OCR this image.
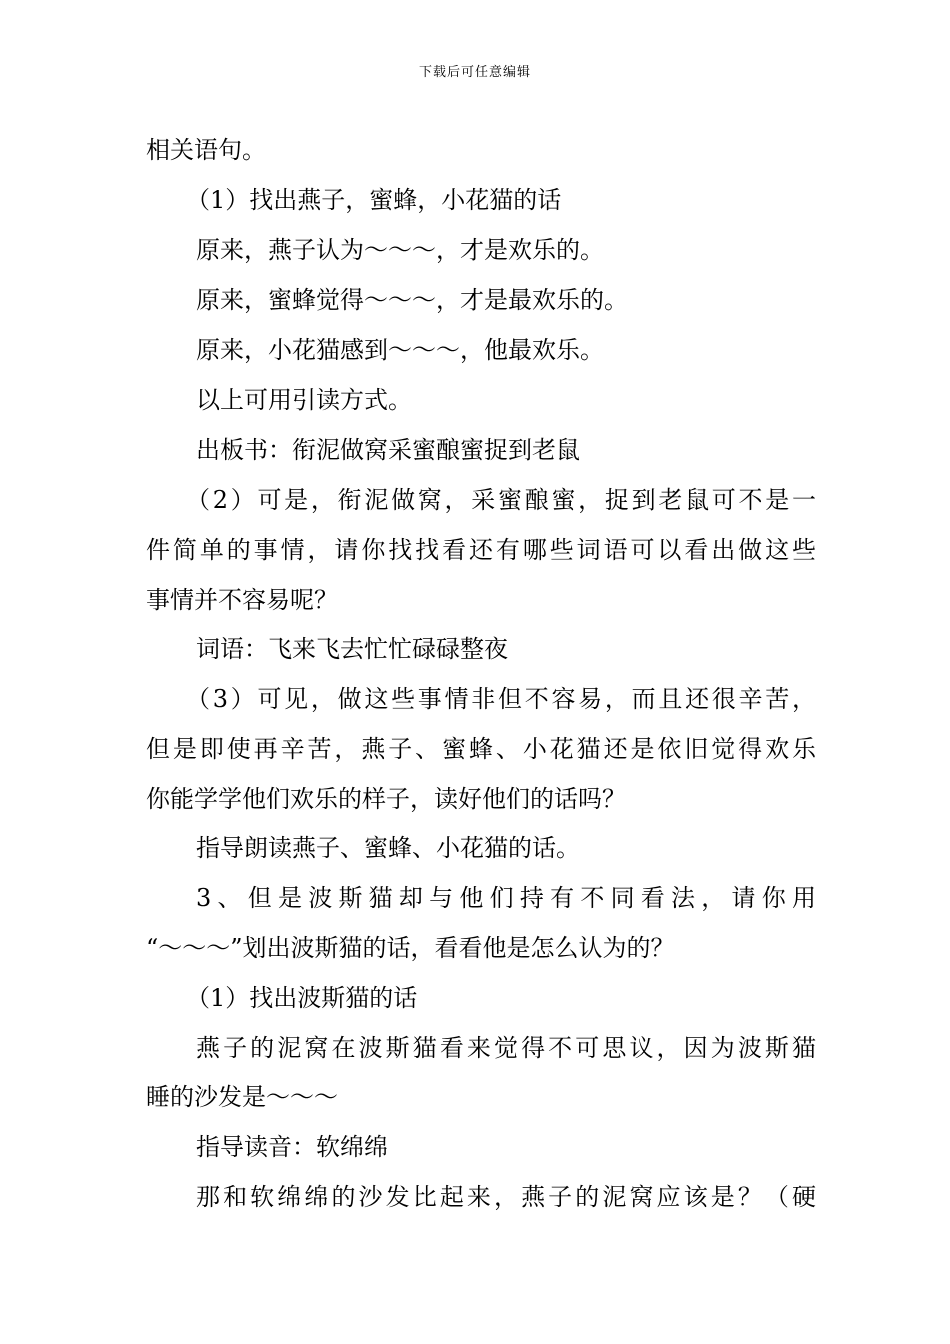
下载后可任意编辑
相关语句。
（1）找出燕子，蜜蜂，小花猫的话
原来，燕子认为～～～，才是欢乐的。
原来，蜜蜂觉得～～～，才是最欢乐的。
原来，小花猫感到～～～，他最欢乐。
以上可用引读方式。
出板书：衔泥做窝采蜜酿蜜捉到老鼠
（2）可是，衔泥做窝，采蜜酿蜜，捉到老鼠可不是一
件简单的事情，请你找找看还有哪些词语可以看出做这些
事情并不容易呢？
词语：飞来飞去忙忙碌碌整夜
（3）可见，做这些事情非但不容易，而且还很辛苦，
但是即使再辛苦，燕子、蜜蜂、小花猫还是依旧觉得欢乐
你能学学他们欢乐的样子，读好他们的话吗？
指导朗读燕子、蜜蜂、小花猫的话。
3、但是波斯猫却与他们持有不同看法，请你用
“～～～”划出波斯猫的话，看看他是怎么认为的？
（1）找出波斯猫的话
燕子的泥窝在波斯猫看来觉得不可思议，因为波斯猫
睡的沙发是～～～
指导读音：软绵绵
那和软绵绵的沙发比起来，燕子的泥窝应该是？（硬
